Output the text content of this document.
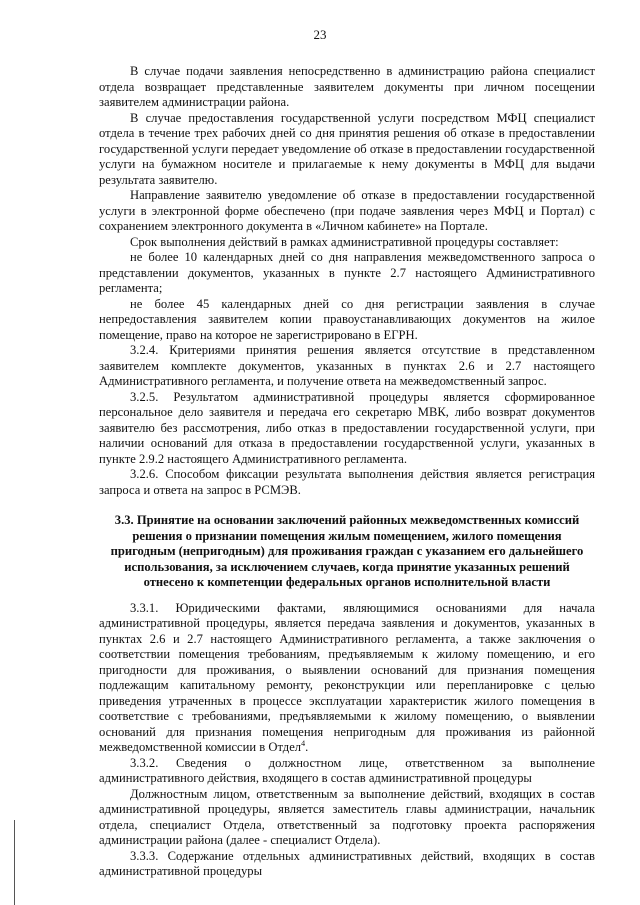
23

В случае подачи заявления непосредственно в администрацию района специалист отдела возвращает представленные заявителем документы при личном посещении заявителем администрации района.

В случае предоставления государственной услуги посредством МФЦ специалист отдела в течение трех рабочих дней со дня принятия решения об отказе в предоставлении государственной услуги передает уведомление об отказе в предоставлении государственной услуги на бумажном носителе и прилагаемые к нему документы в МФЦ для выдачи результата заявителю.

Направление заявителю уведомление об отказе в предоставлении государственной услуги в электронной форме обеспечено (при подаче заявления через МФЦ и Портал) с сохранением электронного документа в «Личном кабинете» на Портале.

Срок выполнения действий в рамках административной процедуры составляет:

не более 10 календарных дней со дня направления межведомственного запроса о представлении документов, указанных в пункте 2.7 настоящего Административного регламента;

не более 45 календарных дней со дня регистрации заявления в случае непредоставления заявителем копии правоустанавливающих документов на жилое помещение, право на которое не зарегистрировано в ЕГРН.

3.2.4. Критериями принятия решения является отсутствие в представленном заявителем комплекте документов, указанных в пунктах 2.6 и 2.7 настоящего Административного регламента, и получение ответа на межведомственный запрос.

3.2.5. Результатом административной процедуры является сформированное персональное дело заявителя и передача его секретарю МВК, либо возврат документов заявителю без рассмотрения, либо отказ в предоставлении государственной услуги, при наличии оснований для отказа в предоставлении государственной услуги, указанных в пункте 2.9.2 настоящего Административного регламента.

3.2.6. Способом фиксации результата выполнения действия является регистрация запроса и ответа на запрос в РСМЭВ.

3.3. Принятие на основании заключений районных межведомственных комиссий решения о признании помещения жилым помещением, жилого помещения пригодным (непригодным) для проживания граждан с указанием его дальнейшего использования, за исключением случаев, когда принятие указанных решений отнесено к компетенции федеральных органов исполнительной власти

3.3.1. Юридическими фактами, являющимися основаниями для начала административной процедуры, является передача заявления и документов, указанных в пунктах 2.6 и 2.7 настоящего Административного регламента, а также заключения о соответствии помещения требованиям, предъявляемым к жилому помещению, и его пригодности для проживания, о выявлении оснований для признания помещения подлежащим капитальному ремонту, реконструкции или перепланировке с целью приведения утраченных в процессе эксплуатации характеристик жилого помещения в соответствие с требованиями, предъявляемыми к жилому помещению, о выявлении оснований для признания помещения непригодным для проживания из районной межведомственной комиссии в Отдел$^4$.

3.3.2. Сведения о должностном лице, ответственном за выполнение административного действия, входящего в состав административной процедуры

Должностным лицом, ответственным за выполнение действий, входящих в состав административной процедуры, является заместитель главы администрации, начальник отдела, специалист Отдела, ответственный за подготовку проекта распоряжения администрации района (далее - специалист Отдела).

3.3.3. Содержание отдельных административных действий, входящих в состав административной процедуры
